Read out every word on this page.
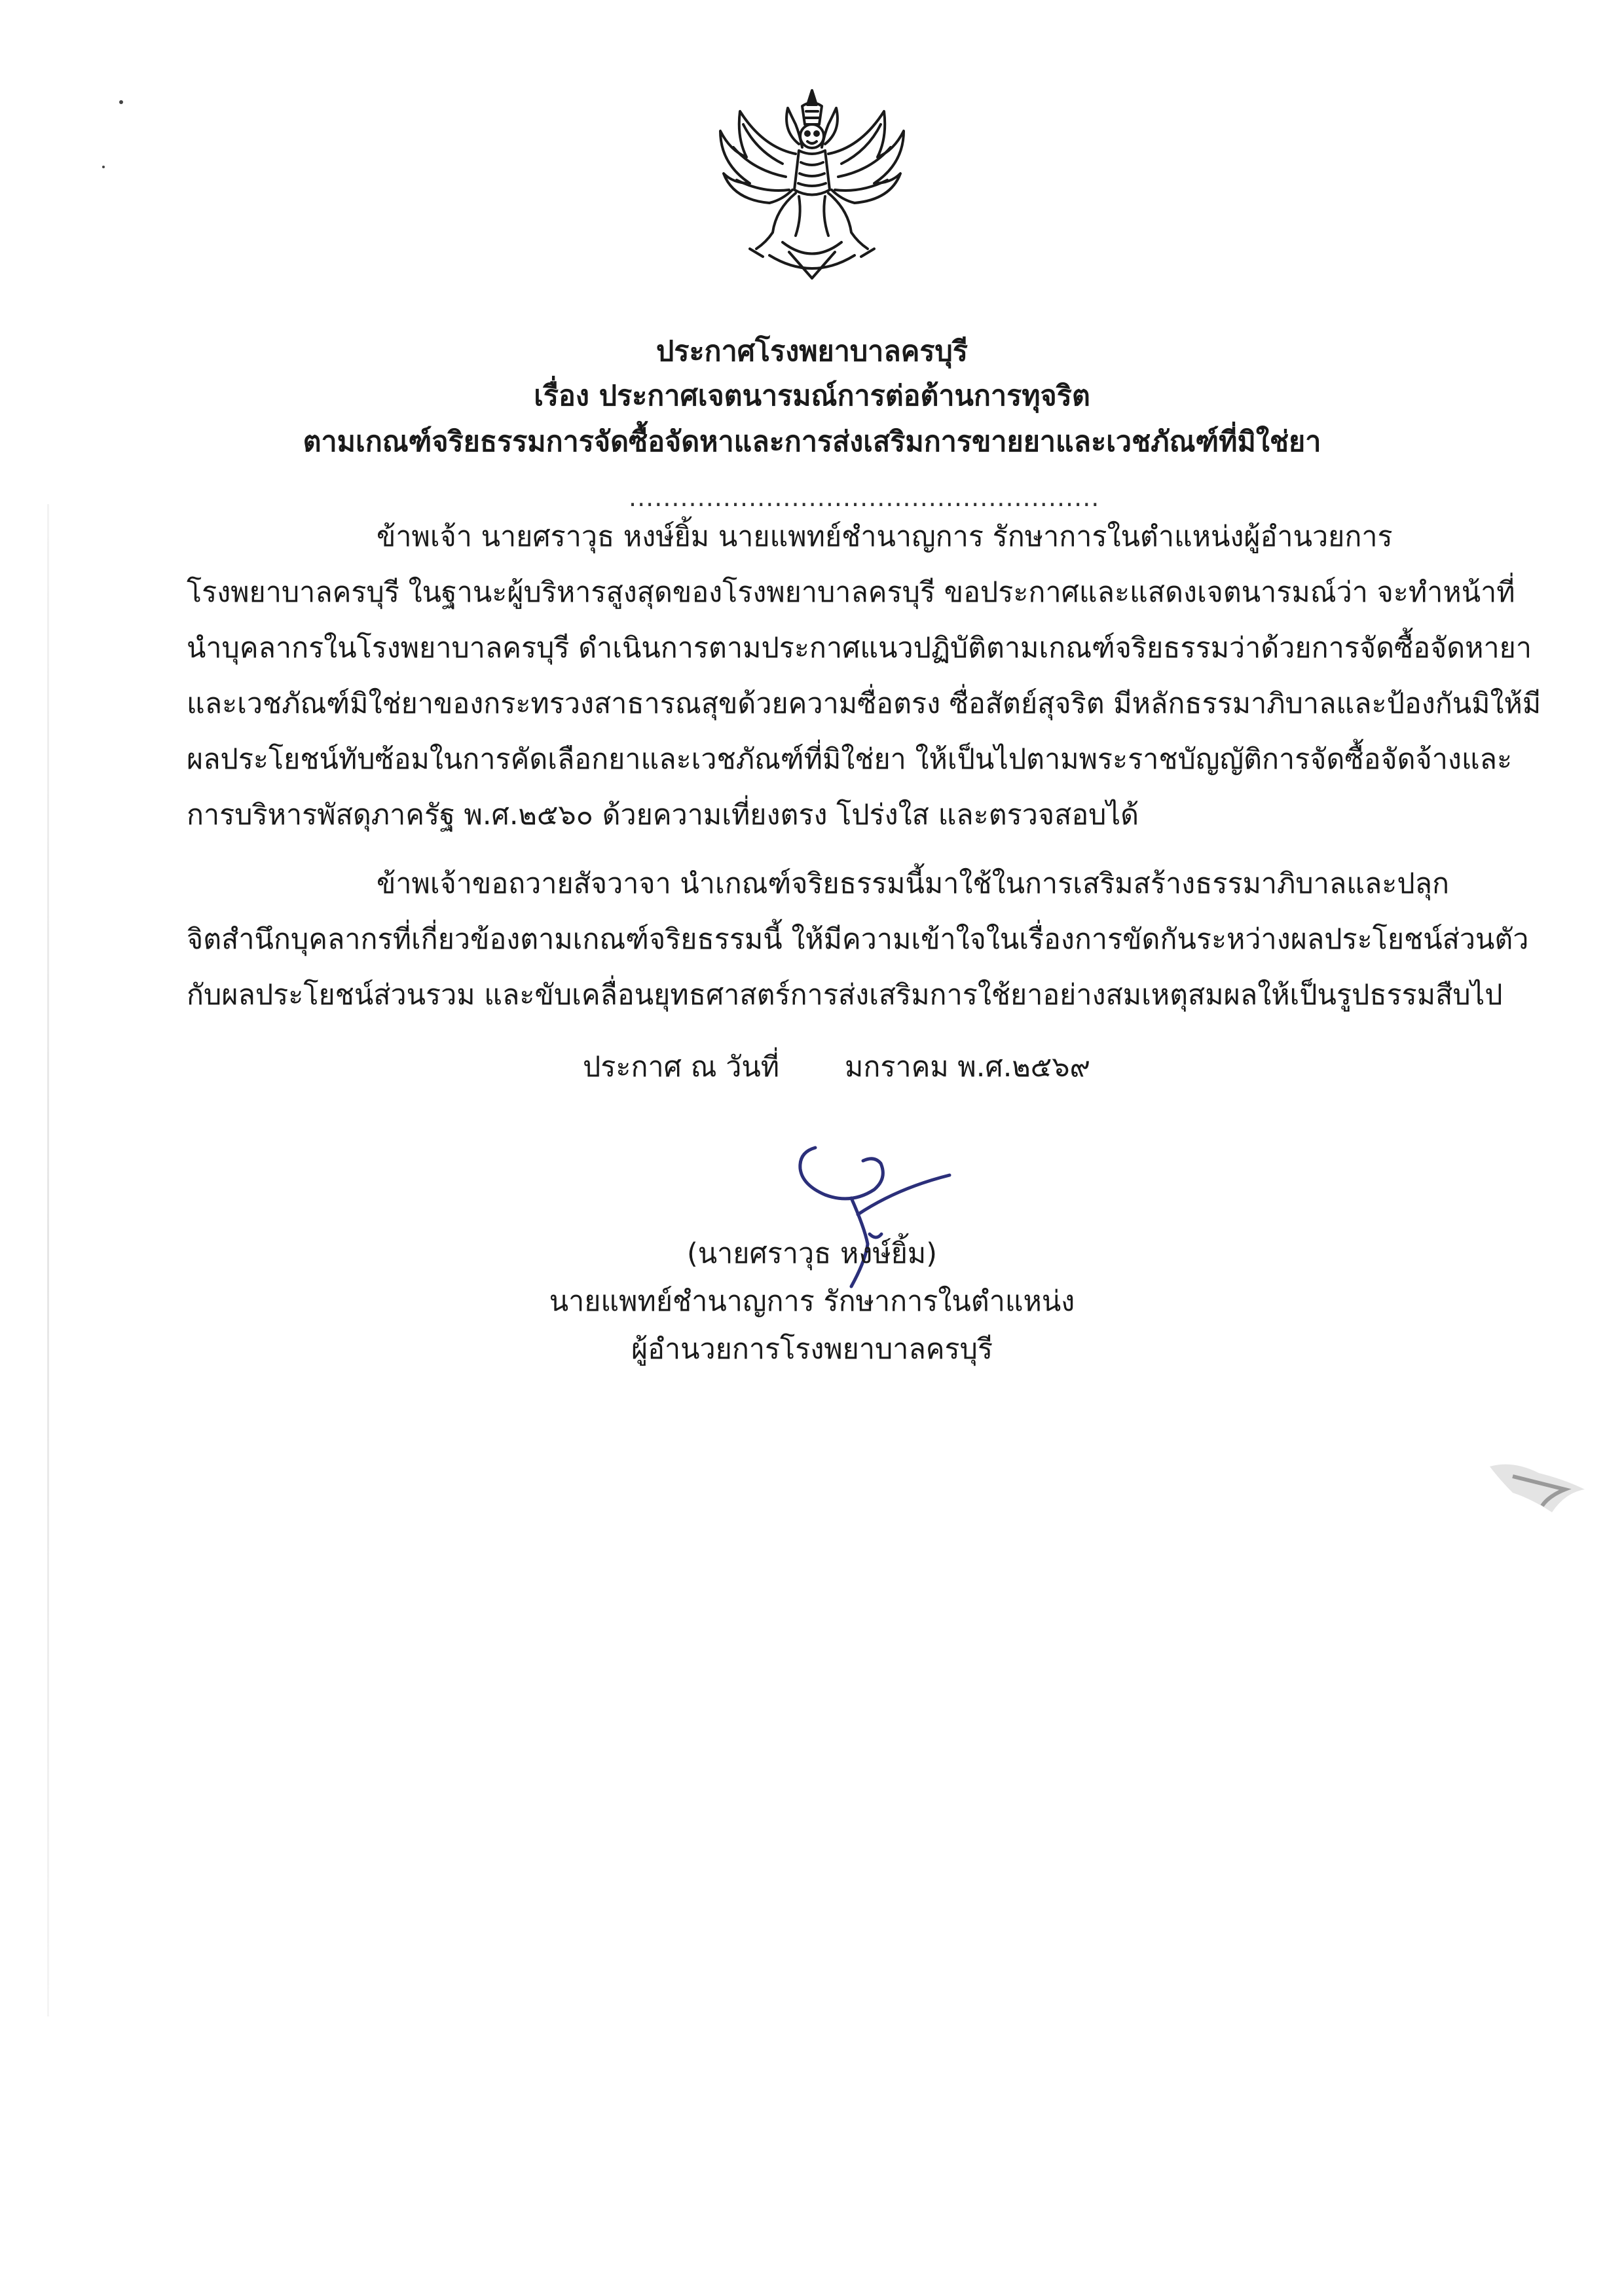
ประกาศโรงพยาบาลครบุรี
เรื่อง ประกาศเจตนารมณ์การต่อต้านการทุจริต
ตามเกณฑ์จริยธรรมการจัดซื้อจัดหาและการส่งเสริมการขายยาและเวชภัณฑ์ที่มิใช่ยา
.......................................................
ข้าพเจ้า นายศราวุธ หงษ์ยิ้ม นายแพทย์ชำนาญการ รักษาการในตำแหน่งผู้อำนวยการ
โรงพยาบาลครบุรี ในฐานะผู้บริหารสูงสุดของโรงพยาบาลครบุรี ขอประกาศและแสดงเจตนารมณ์ว่า จะทำหน้าที่
นำบุคลากรในโรงพยาบาลครบุรี ดำเนินการตามประกาศแนวปฏิบัติตามเกณฑ์จริยธรรมว่าด้วยการจัดซื้อจัดหายา
และเวชภัณฑ์มิใช่ยาของกระทรวงสาธารณสุขด้วยความซื่อตรง ซื่อสัตย์สุจริต มีหลักธรรมาภิบาลและป้องกันมิให้มี
ผลประโยชน์ทับซ้อมในการคัดเลือกยาและเวชภัณฑ์ที่มิใช่ยา ให้เป็นไปตามพระราชบัญญัติการจัดซื้อจัดจ้างและ
การบริหารพัสดุภาครัฐ พ.ศ.๒๕๖๐ ด้วยความเที่ยงตรง โปร่งใส และตรวจสอบได้
ข้าพเจ้าขอถวายสัจวาจา นำเกณฑ์จริยธรรมนี้มาใช้ในการเสริมสร้างธรรมาภิบาลและปลุก
จิตสำนึกบุคลากรที่เกี่ยวข้องตามเกณฑ์จริยธรรมนี้ ให้มีความเข้าใจในเรื่องการขัดกันระหว่างผลประโยชน์ส่วนตัว
กับผลประโยชน์ส่วนรวม และขับเคลื่อนยุทธศาสตร์การส่งเสริมการใช้ยาอย่างสมเหตุสมผลให้เป็นรูปธรรมสืบไป
ประกาศ ณ วันที่ มกราคม พ.ศ.๒๕๖๙
(นายศราวุธ หงษ์ยิ้ม)
นายแพทย์ชำนาญการ รักษาการในตำแหน่ง
ผู้อำนวยการโรงพยาบาลครบุรี
